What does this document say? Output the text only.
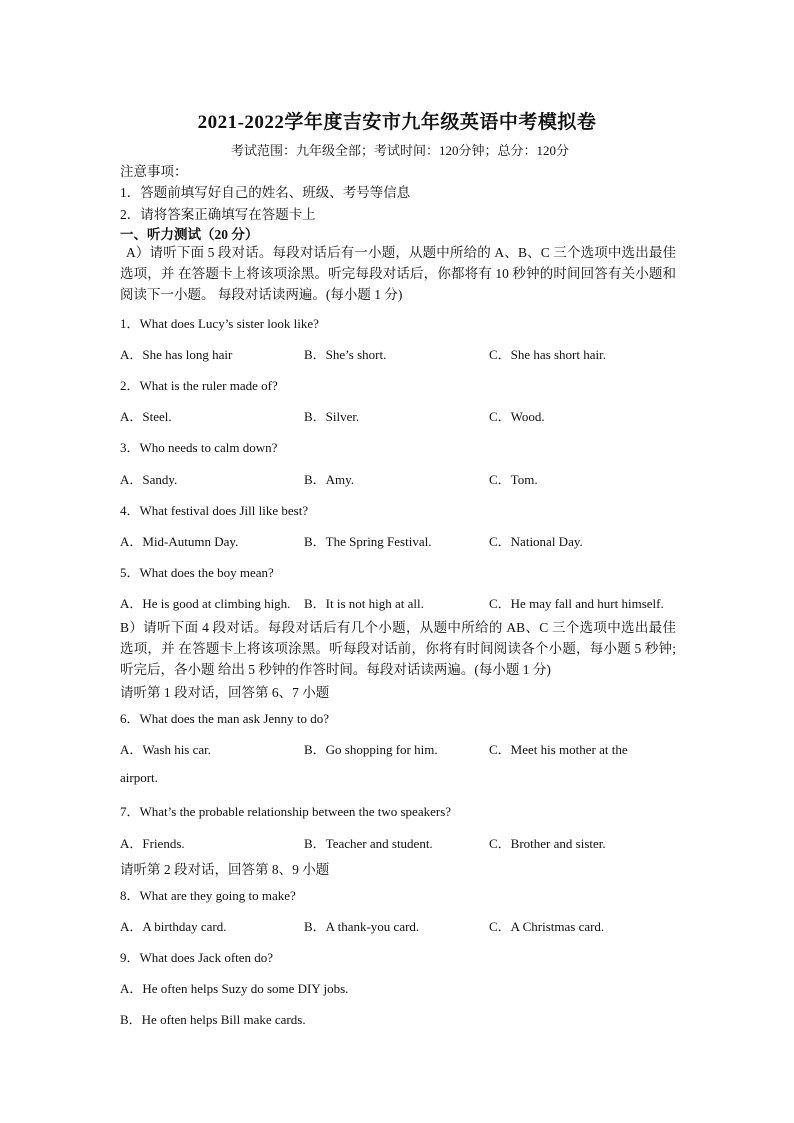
2021-2022学年度吉安市九年级英语中考模拟卷
考试范围：九年级全部；考试时间：120分钟；总分：120分
注意事项：
1．答题前填写好自己的姓名、班级、考号等信息
2．请将答案正确填写在答题卡上
一、听力测试（20 分）
A）请听下面 5 段对话。每段对话后有一小题，从题中所给的 A、B、C 三个选项中选出最佳选项，并 在答题卡上将该项涂黑。听完每段对话后，你都将有 10 秒钟的时间回答有关小题和阅读下一小题。 每段对话读两遍。(每小题 1 分)
1．What does Lucy’s sister look like?
A．She has long hair	B．She’s short.	C．She has short hair.
2．What is the ruler made of?
A．Steel.	B．Silver.	C．Wood.
3．Who needs to calm down?
A．Sandy.	B．Amy.	C．Tom.
4．What festival does Jill like best?
A．Mid-Autumn Day.	B．The Spring Festival.	C．National Day.
5．What does the boy mean?
A．He is good at climbing high. B．It is not high at all.	C．He may fall and hurt himself.
B）请听下面 4 段对话。每段对话后有几个小题，从题中所给的 AB、C 三个选项中选出最佳选项，并 在答题卡上将该项涂黑。听每段对话前，你将有时间阅读各个小题，每小题 5 秒钟;听完后，各小题 给出 5 秒钟的作答时间。每段对话读两遍。(每小题 1 分)
请听第 1 段对话，回答第 6、7 小题
6．What does the man ask Jenny to do?
A．Wash his car.	B．Go shopping for him.	C．Meet his mother at the
airport.
7．What’s the probable relationship between the two speakers?
A．Friends.	B．Teacher and student.	C．Brother and sister.
请听第 2 段对话，回答第 8、9 小题
8．What are they going to make?
A．A birthday card.	B．A thank-you card.	C．A Christmas card.
9．What does Jack often do?
A．He often helps Suzy do some DIY jobs.
B．He often helps Bill make cards.
